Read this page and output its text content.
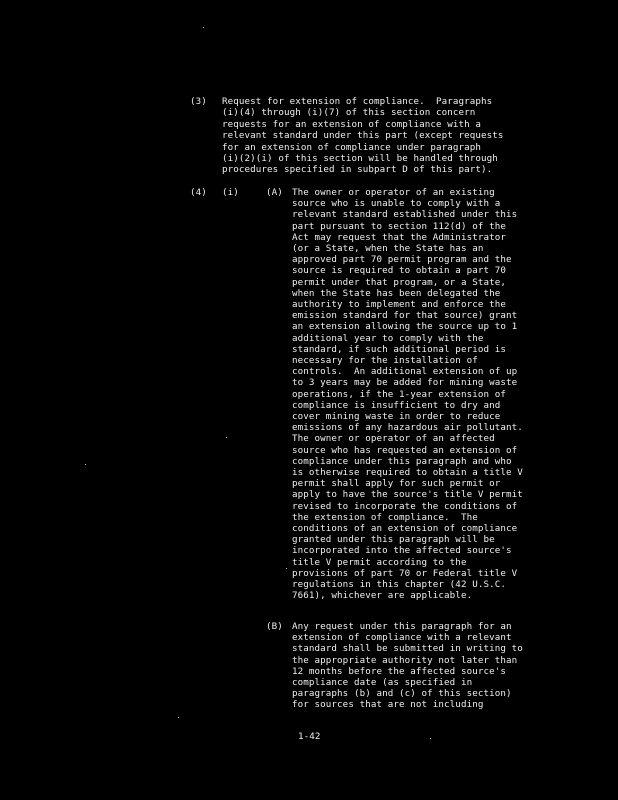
(3) Request for extension of compliance.  Paragraphs
(i)(4) through (i)(7) of this section concern
requests for an extension of compliance with a
relevant standard under this part (except requests
for an extension of compliance under paragraph
(i)(2)(i) of this section will be handled through
procedures specified in subpart D of this part).
(4) (i)	(A) The owner or operator of an existing
source who is unable to comply with a
relevant standard established under this
part pursuant to section 112(d) of the
Act may request that the Administrator
(or a State, when the State has an
approved part 70 permit program and the
source is required to obtain a part 70
permit under that program, or a State,
when the State has been delegated the
authority to implement and enforce the
emission standard for that source) grant
an extension allowing the source up to 1
additional year to comply with the
standard, if such additional period is
necessary for the installation of
controls.  An additional extension of up
to 3 years may be added for mining waste
operations, if the 1-year extension of
compliance is insufficient to dry and
cover mining waste in order to reduce
emissions of any hazardous air pollutant.
The owner or operator of an affected
source who has requested an extension of
compliance under this paragraph and who
is otherwise required to obtain a title V
permit shall apply for such permit or
apply to have the source's title V permit
revised to incorporate the conditions of
the extension of compliance.  The
conditions of an extension of compliance
granted under this paragraph will be
incorporated into the affected source's
title V permit according to the
provisions of part 70 or Federal title V
regulations in this chapter (42 U.S.C.
7661), whichever are applicable.
(B) Any request under this paragraph for an
extension of compliance with a relevant
standard shall be submitted in writing to
the appropriate authority not later than
12 months before the affected source's
compliance date (as specified in
paragraphs (b) and (c) of this section)
for sources that are not including
1-42
